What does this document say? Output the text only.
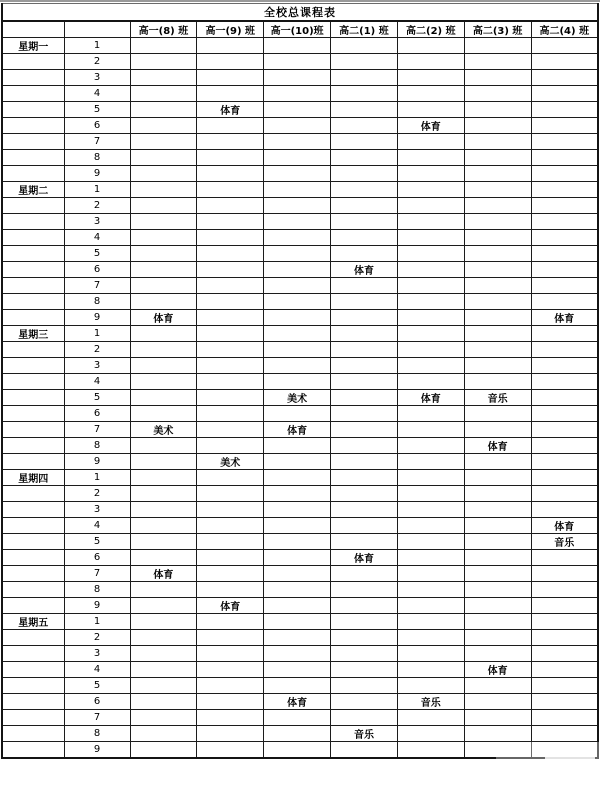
全校总课程表								
		高一(8) 班	高一(9) 班	高一(10)班	高二(1) 班	高二(2) 班	高二(3) 班	高二(4) 班
星期一	1							
	2							
	3							
	4							
	5		体育					
	6					体育		
	7							
	8							
	9							
星期二	1							
	2							
	3							
	4							
	5							
	6				体育			
	7							
	8							
	9	体育						体育
星期三	1							
	2							
	3							
	4							
	5			美术		体育	音乐	
	6							
	7	美术		体育				
	8						体育	
	9		美术					
星期四	1							
	2							
	3							
	4							体育
	5							音乐
	6				体育			
	7	体育						
	8							
	9		体育					
星期五	1							
	2							
	3							
	4						体育	
	5							
	6			体育		音乐		
	7							
	8				音乐			
	9							
